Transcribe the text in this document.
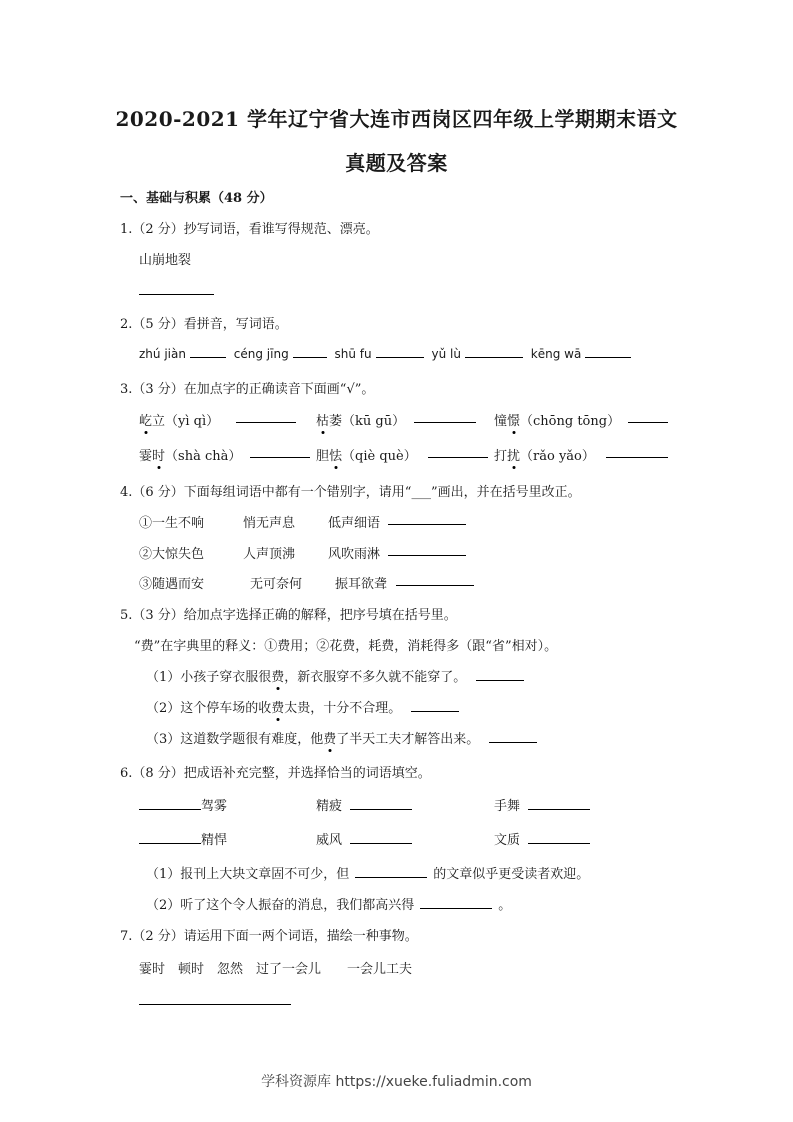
2020-2021 学年辽宁省大连市西岗区四年级上学期期末语文
真题及答案
一、基础与积累（48 分）
1.（2 分）抄写词语，看谁写得规范、漂亮。
山崩地裂
2.（5 分）看拼音，写词语。
zhú jiàn	céng jīng	shū fu	yǔ lù	kēng wā
3.（3 分）在加点字的正确读音下面画“√”。
屹立（yì qì）	枯萎（kū gū）	憧憬（chōng tōng）
霎时（shà chà）	胆怯（qiè què）	打扰（rǎo yǎo）
4.（6 分）下面每组词语中都有一个错别字，请用“___”画出，并在括号里改正。
①一生不响	悄无声息	低声细语
②大惊失色	人声顶沸	风吹雨淋
③随遇而安	无可奈何	振耳欲聋
5.（3 分）给加点字选择正确的解释，把序号填在括号里。
“费”在字典里的释义：①费用；②花费，耗费，消耗得多（跟“省”相对）。
（1）小孩子穿衣服很费，新衣服穿不多久就不能穿了。
（2）这个停车场的收费太贵，十分不合理。
（3）这道数学题很有难度，他费了半天工夫才解答出来。
6.（8 分）把成语补充完整，并选择恰当的词语填空。
驾雾	精疲	手舞
精悍	威风	文质
（1）报刊上大块文章固不可少，但	的文章似乎更受读者欢迎。
（2）听了这个令人振奋的消息，我们都高兴得	。
7.（2 分）请运用下面一两个词语，描绘一种事物。
霎时　顿时　忽然　过了一会儿　　一会儿工夫
学科资源库 https://xueke.fuliadmin.com
